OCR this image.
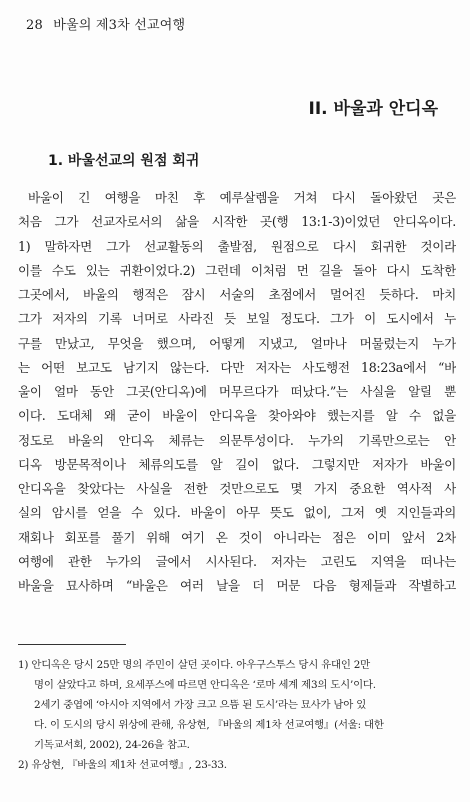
28 바울의 제3차 선교여행
II. 바울과 안디옥
1. 바울선교의 원점 회귀
바울이 긴 여행을 마친 후 예루살렘을 거쳐 다시 돌아왔던 곳은
처음 그가 선교자로서의 삶을 시작한 곳(행 13:1-3)이었던 안디옥이다.
1) 말하자면 그가 선교활동의 출발점, 원점으로 다시 회귀한 것이라
이를 수도 있는 귀환이었다.2) 그런데 이처럼 먼 길을 돌아 다시 도착한
그곳에서, 바울의 행적은 잠시 서술의 초점에서 멀어진 듯하다. 마치
그가 저자의 기록 너머로 사라진 듯 보일 정도다. 그가 이 도시에서 누
구를 만났고, 무엇을 했으며, 어떻게 지냈고, 얼마나 머물렀는지 누가
는 어떤 보고도 남기지 않는다. 다만 저자는 사도행전 18:23a에서 “바
울이 얼마 동안 그곳(안디옥)에 머무르다가 떠났다.”는 사실을 알릴 뿐
이다. 도대체 왜 굳이 바울이 안디옥을 찾아와야 했는지를 알 수 없을
정도로 바울의 안디옥 체류는 의문투성이다. 누가의 기록만으로는 안
디옥 방문목적이나 체류의도를 알 길이 없다. 그렇지만 저자가 바울이
안디옥을 찾았다는 사실을 전한 것만으로도 몇 가지 중요한 역사적 사
실의 암시를 얻을 수 있다. 바울이 아무 뜻도 없이, 그저 옛 지인들과의
재회나 회포를 풀기 위해 여기 온 것이 아니라는 점은 이미 앞서 2차
여행에 관한 누가의 글에서 시사된다. 저자는 고린도 지역을 떠나는
바울을 묘사하며 “바울은 여러 날을 더 머문 다음 형제들과 작별하고
1) 안디옥은 당시 25만 명의 주민이 살던 곳이다. 아우구스투스 당시 유대인 2만
명이 살았다고 하며, 요세푸스에 따르면 안디옥은 ‘로마 세계 제3의 도시’이다.
2세기 중엽에 ‘아시아 지역에서 가장 크고 으뜸 된 도시’라는 묘사가 남아 있
다. 이 도시의 당시 위상에 관해, 유상현, 『바울의 제1차 선교여행』(서울: 대한
기독교서회, 2002), 24-26을 참고.
2) 유상현, 『바울의 제1차 선교여행』, 23-33.
